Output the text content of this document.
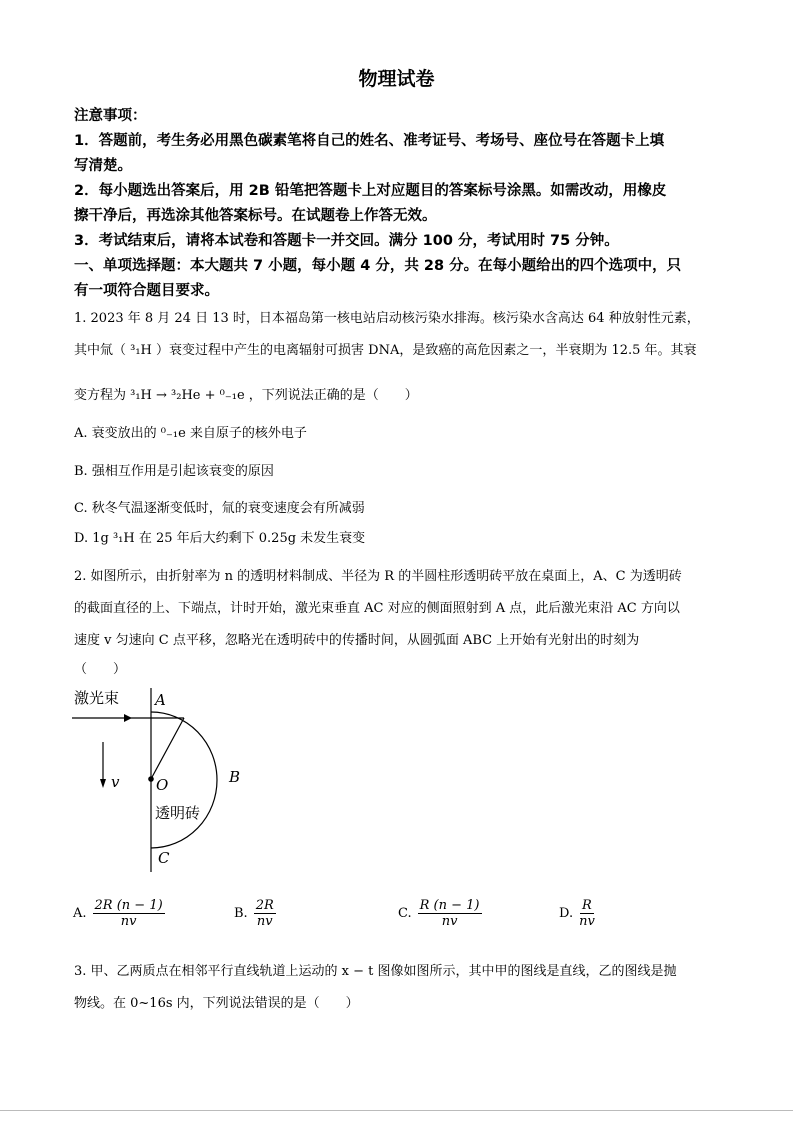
物理试卷
注意事项：
1．答题前，考生务必用黑色碳素笔将自己的姓名、准考证号、考场号、座位号在答题卡上填
写清楚。
2．每小题选出答案后，用 2B 铅笔把答题卡上对应题目的答案标号涂黑。如需改动，用橡皮
擦干净后，再选涂其他答案标号。在试题卷上作答无效。
3．考试结束后，请将本试卷和答题卡一并交回。满分 100 分，考试用时 75 分钟。
一、单项选择题：本大题共 7 小题，每小题 4 分，共 28 分。在每小题给出的四个选项中，只
有一项符合题目要求。
1. 2023 年 8 月 24 日 13 时，日本福岛第一核电站启动核污染水排海。核污染水含高达 64 种放射性元素，
其中氚（ ³₁H ）衰变过程中产生的电离辐射可损害 DNA，是致癌的高危因素之一，半衰期为 12.5 年。其衰
变方程为 ³₁H → ³₂He + ⁰₋₁e ，下列说法正确的是（　　）
A. 衰变放出的 ⁰₋₁e 来自原子的核外电子
B. 强相互作用是引起该衰变的原因
C. 秋冬气温逐渐变低时，氚的衰变速度会有所减弱
D. 1g ³₁H 在 25 年后大约剩下 0.25g 未发生衰变
2. 如图所示，由折射率为 n 的透明材料制成、半径为 R 的半圆柱形透明砖平放在桌面上，A、C 为透明砖
的截面直径的上、下端点，计时开始，激光束垂直 AC 对应的侧面照射到 A 点，此后激光束沿 AC 方向以
速度 v 匀速向 C 点平移，忽略光在透明砖中的传播时间，从圆弧面 ABC 上开始有光射出的时刻为
（　　）
激光束 A
B
C
O
v
透明砖
A. $\frac{2R (n - 1)}{nv}$	B. $\frac{2R}{nv}$	C. $\frac{R (n - 1)}{nv}$	D. $\frac{R}{nv}$
3. 甲、乙两质点在相邻平行直线轨道上运动的 x − t 图像如图所示，其中甲的图线是直线，乙的图线是抛
物线。在 0~16s 内，下列说法错误的是（　　）
